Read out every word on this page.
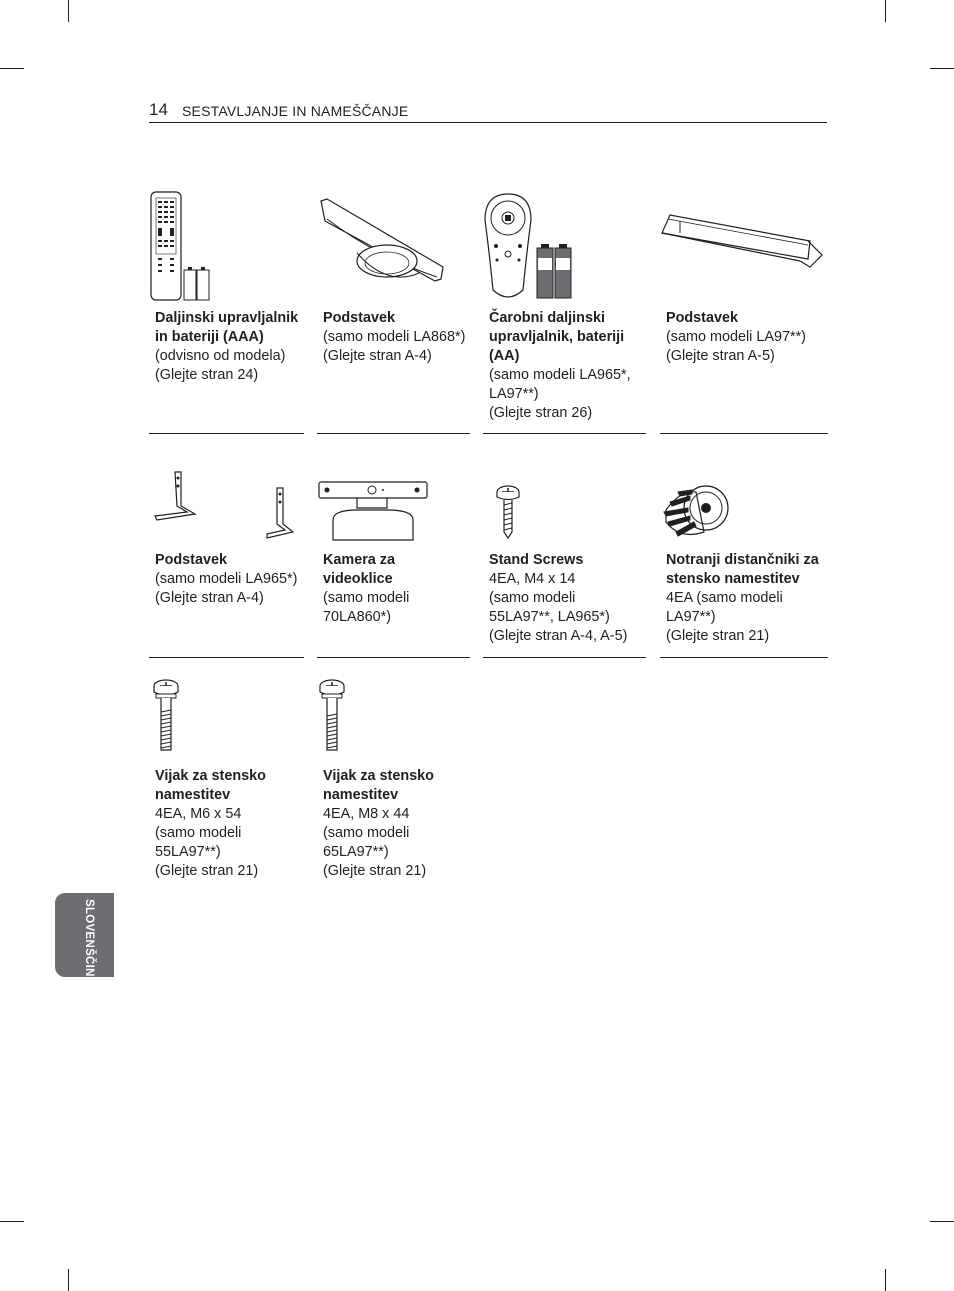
14 SESTAVLJANJE IN NAMEŠČANJE
Daljinski upravljalnik
in bateriji (AAA)
(odvisno od modela)
(Glejte stran 24)
Podstavek
(samo modeli LA868*)
(Glejte stran A-4)
Čarobni daljinski
upravljalnik, bateriji
(AA)
(samo modeli LA965*,
LA97**)
(Glejte stran 26)
Podstavek
(samo modeli LA97**)
(Glejte stran A-5)
Podstavek
(samo modeli LA965*)
(Glejte stran A-4)
Kamera za
videoklice
(samo modeli
70LA860*)
Stand Screws
4EA, M4 x 14
(samo modeli
55LA97**, LA965*)
(Glejte stran A-4, A-5)
Notranji distančniki za
stensko namestitev
4EA (samo modeli
LA97**)
(Glejte stran 21)
Vijak za stensko
namestitev
4EA, M6 x 54
(samo modeli
55LA97**)
(Glejte stran 21)
Vijak za stensko
namestitev
4EA, M8 x 44
(samo modeli
65LA97**)
(Glejte stran 21)
SLOVENŠČINA
